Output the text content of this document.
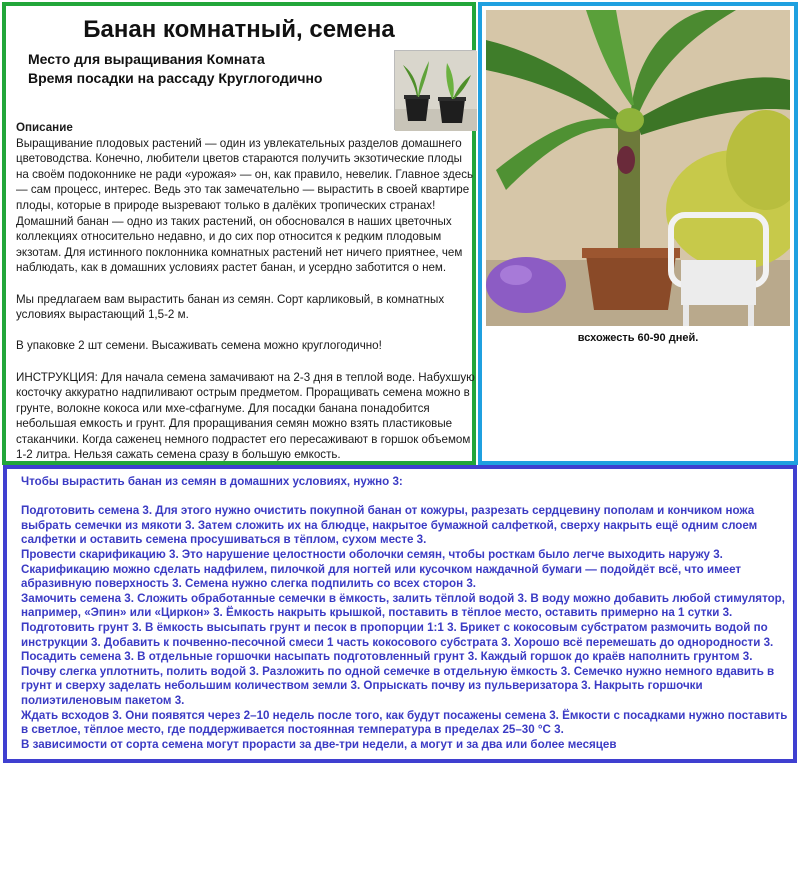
Банан комнатный, семена
Место для выращивания Комната
Время посадки на рассаду Круглогодично

Описание

Выращивание плодовых растений — один из увлекательных разделов домашнего цветоводства. Конечно, любители цветов стараются получить экзотические плоды на своём подоконнике не ради «урожая» — он, как правило, невелик. Главное здесь — сам процесс, интерес. Ведь это так замечательно — вырастить в своей квартире плоды, которые в природе вызревают только в далёких тропических странах! Домашний банан — одно из таких растений, он обосновался в наших цветочных коллекциях относительно недавно, и до сих пор относится к редким плодовым экзотам. Для истинного поклонника комнатных растений нет ничего приятнее, чем наблюдать, как в домашних условиях растет банан, и усердно заботится о нем.

Мы предлагаем вам вырастить банан из семян. Сорт карликовый, в комнатных условиях вырастающий 1,5-2 м.

В упаковке 2 шт семени. Высаживать семена можно круглогодично!

ИНСТРУКЦИЯ: Для начала семена замачивают на 2-3 дня в теплой воде. Набухшую косточку аккуратно надпиливают острым предметом. Проращивать семена можно в грунте, волокне кокоса или мхе-сфагнуме. Для посадки банана понадобится небольшая емкость и грунт. Для проращивания семян можно взять пластиковые стаканчики. Когда саженец немного подрастет его пересаживают в горшок объемом 1-2 литра. Нельзя сажать семена сразу в большую емкость.

всхожесть 60-90 дней.

Чтобы вырастить банан из семян в домашних условиях, нужно 3:

Подготовить семена 3. Для этого нужно очистить покупной банан от кожуры, разрезать сердцевину пополам и кончиком ножа выбрать семечки из мякоти 3. Затем сложить их на блюдце, накрытое бумажной салфеткой, сверху накрыть ещё одним слоем салфетки и оставить семена просушиваться в тёплом, сухом месте 3.

Провести скарификацию 3. Это нарушение целостности оболочки семян, чтобы росткам было легче выходить наружу 3. Скарификацию можно сделать надфилем, пилочкой для ногтей или кусочком наждачной бумаги — подойдёт всё, что имеет абразивную поверхность 3. Семена нужно слегка подпилить со всех сторон 3.

Замочить семена 3. Сложить обработанные семечки в ёмкость, залить тёплой водой 3. В воду можно добавить любой стимулятор, например, «Эпин» или «Циркон» 3. Ёмкость накрыть крышкой, поставить в тёплое место, оставить примерно на 1 сутки 3.

Подготовить грунт 3. В ёмкость высыпать грунт и песок в пропорции 1:1 3. Брикет с кокосовым субстратом размочить водой по инструкции 3. Добавить к почвенно-песочной смеси 1 часть кокосового субстрата 3. Хорошо всё перемешать до однородности 3.

Посадить семена 3. В отдельные горшочки насыпать подготовленный грунт 3. Каждый горшок до краёв наполнить грунтом 3. Почву слегка уплотнить, полить водой 3. Разложить по одной семечке в отдельную ёмкость 3. Семечко нужно немного вдавить в грунт и сверху заделать небольшим количеством земли 3. Опрыскать почву из пульверизатора 3. Накрыть горшочки полиэтиленовым пакетом 3.

Ждать всходов 3. Они появятся через 2–10 недель после того, как будут посажены семена 3. Ёмкости с посадками нужно поставить в светлое, тёплое место, где поддерживается постоянная температура в пределах 25–30 °С 3.

В зависимости от сорта семена могут прорасти за две-три недели, а могут и за два или более месяцев
